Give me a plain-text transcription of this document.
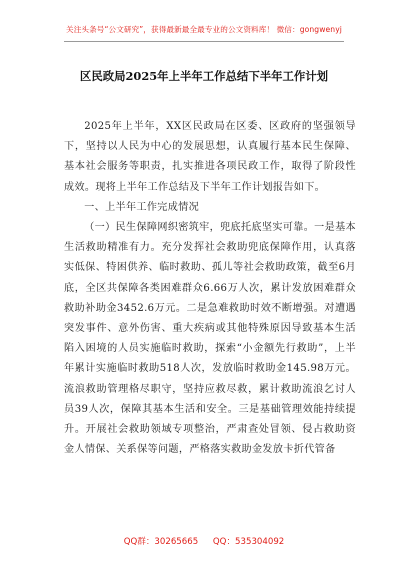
关注头条号“公文研究”，获得最新最全最专业的公文资料库！ 微信：gongwenyj
区民政局2025年上半年工作总结下半年工作计划

2025年上半年，XX区民政局在区委、区政府的坚强领导下，坚持以人民为中心的发展思想，认真履行基本民生保障、基本社会服务等职责，扎实推进各项民政工作，取得了阶段性成效。现将上半年工作总结及下半年工作计划报告如下。

一、上半年工作完成情况

（一）民生保障网织密筑牢，兜底托底坚实可靠。一是基本生活救助精准有力。充分发挥社会救助兜底保障作用，认真落实低保、特困供养、临时救助、孤儿等社会救助政策，截至6月底，全区共保障各类困难群众6.66万人次，累计发放困难群众救助补助金3452.6万元。二是急难救助时效不断增强。对遭遇突发事件、意外伤害、重大疾病或其他特殊原因导致基本生活陷入困境的人员实施临时救助，探索“小金额先行救助”，上半年累计实施临时救助518人次，发放临时救助金145.98万元。流浪救助管理格尽职守，坚持应救尽救，累计救助流浪乞讨人员39人次，保障其基本生活和安全。三是基础管理效能持续提升。开展社会救助领域专项整治，严肃查处冒领、侵占救助资金人情保、关系保等问题，严格落实救助金发放卡折代管备

QQ群：30265665 QQ：535304092
